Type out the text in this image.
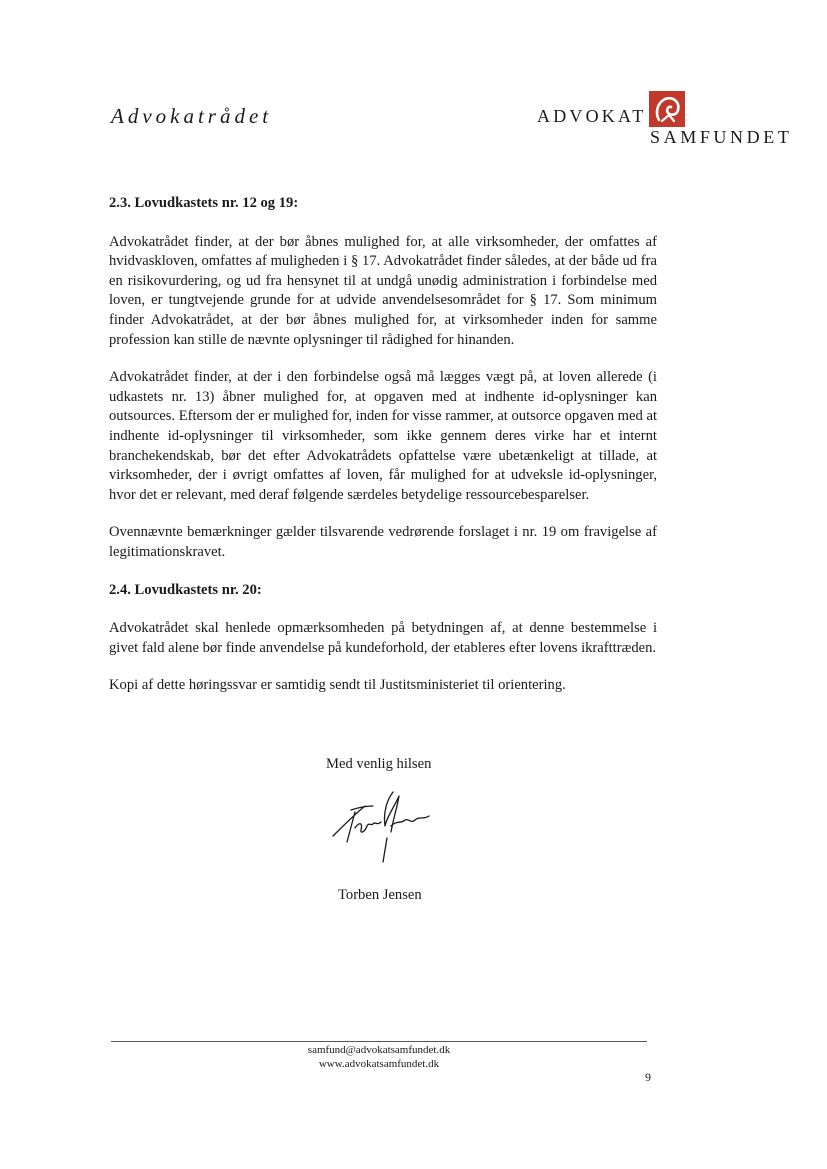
Advokatrådet	ADVOKAT
SAMFUNDET
2.3. Lovudkastets nr. 12 og 19:

Advokatrådet finder, at der bør åbnes mulighed for, at alle virksomheder, der omfattes af hvidvaskloven, omfattes af muligheden i § 17. Advokatrådet finder således, at der både ud fra en risikovurdering, og ud fra hensynet til at undgå unødig administration i forbindelse med loven, er tungtvejende grunde for at udvide anvendelsesområdet for § 17. Som minimum finder Advokatrådet, at der bør åbnes mulighed for, at virksomheder inden for samme profession kan stille de nævnte oplysninger til rådighed for hinanden.

Advokatrådet finder, at der i den forbindelse også må lægges vægt på, at loven allerede (i udkastets nr. 13) åbner mulighed for, at opgaven med at indhente id-oplysninger kan outsources. Eftersom der er mulighed for, inden for visse rammer, at outsorce opgaven med at indhente id-oplysninger til virksomheder, som ikke gennem deres virke har et internt branchekendskab, bør det efter Advokatrådets opfattelse være ubetænkeligt at tillade, at virksomheder, der i øvrigt omfattes af loven, får mulighed for at udveksle id-oplysninger, hvor det er relevant, med deraf følgende særdeles betydelige ressourcebesparelser.

Ovennævnte bemærkninger gælder tilsvarende vedrørende forslaget i nr. 19 om fravigelse af legitimationskravet.

2.4. Lovudkastets nr. 20:

Advokatrådet skal henlede opmærksomheden på betydningen af, at denne bestemmelse i givet fald alene bør finde anvendelse på kundeforhold, der etableres efter lovens ikrafttræden.

Kopi af dette høringssvar er samtidig sendt til Justitsministeriet til orientering.

Med venlig hilsen
Torben Jensen
samfund@advokatsamfundet.dk
www.advokatsamfundet.dk
9
